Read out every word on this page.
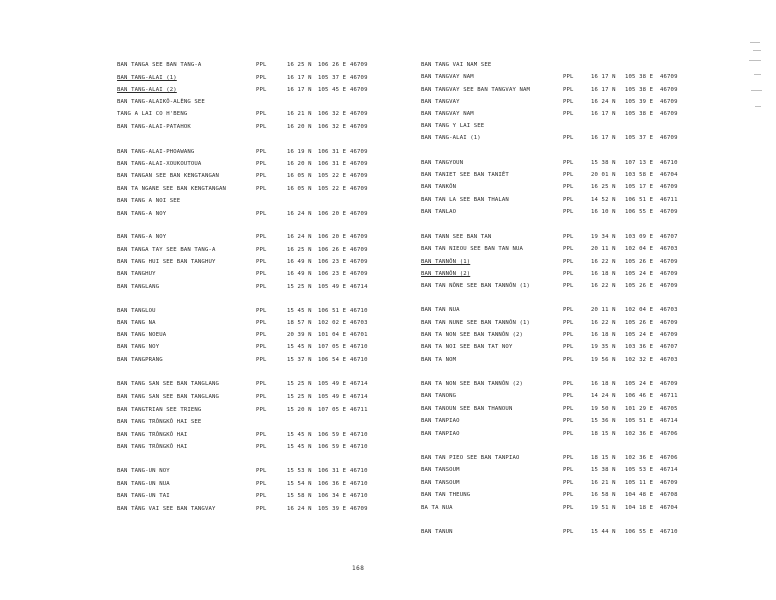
BAN TANGA SEE BAN TANG-A	PPL	16 25 N 106 26 E 46709
BAN TANG-ALAI (1)	PPL	16 17 N 105 37 E 46709
BAN TANG-ALAI (2)	PPL	16 17 N 105 45 E 46709
BAN TANG-ALAIKÔ-ALÈNG SEE
TANG A LAI CO H'BENG	PPL	16 21 N 106 32 E 46709
BAN TANG-ALAI-PATAHOK	PPL	16 20 N 106 32 E 46709
BAN TANG-ALAI-PHOAWANG	PPL	16 19 N 106 31 E 46709
BAN TANG-ALAI-XOUKOUTOUA	PPL	16 20 N 106 31 E 46709
BAN TANGAN SEE BAN KENGTANGAN	PPL	16 05 N 105 22 E 46709
BAN TA NGANE SEE BAN KENGTANGAN	PPL	16 05 N 105 22 E 46709
BAN TANG A NOI SEE
BAN TANG-A NOY	PPL	16 24 N 106 20 E 46709
BAN TANG-A NOY	PPL	16 24 N 106 20 E 46709
BAN TANGA TAY SEE BAN TANG-A	PPL	16 25 N 106 26 E 46709
BAN TANG HUI SEE BAN TANGHUY	PPL	16 49 N 106 23 E 46709
BAN TANGHUY	PPL	16 49 N 106 23 E 46709
BAN TANGLANG	PPL	15 25 N 105 49 E 46714
BAN TANGLOU	PPL	15 45 N 106 51 E 46710
BAN TANG NA	PPL	18 57 N 102 02 E 46703
BAN TANG NOEUA	PPL	20 39 N 101 04 E 46701
BAN TANG NOY	PPL	15 45 N 107 05 E 46710
BAN TANGPRANG	PPL	15 37 N 106 54 E 46710
BAN TANG SAN SEE BAN TANGLANG	PPL	15 25 N 105 49 E 46714
BAN TANG SAN SEE BAN TANGLANG	PPL	15 25 N 105 49 E 46714
BAN TANGTRIAN SEE TRIENG	PPL	15 20 N 107 05 E 46711
BAN TANG TRÔNGKÔ HAI SEE
BAN TANG TRÔNGKÔ HAI	PPL	15 45 N 106 59 E 46710
BAN TANG TRÔNGKÔ HAI	PPL	15 45 N 106 59 E 46710
BAN TANG-UN NOY	PPL	15 53 N 106 31 E 46710
BAN TANG-UN NUA	PPL	15 54 N 106 36 E 46710
BAN TANG-UN TAI	PPL	15 58 N 106 34 E 46710
BAN TÃNG VAI SEE BAN TANGVAY	PPL	16 24 N 105 39 E 46709
BAN TANG VAI NAM SEE
BAN TANGVAY NAM	PPL	16 17 N 105 38 E 46709
BAN TANGVAY SEE BAN TANGVAY NAM	PPL	16 17 N 105 38 E 46709
BAN TANGVAY	PPL	16 24 N 105 39 E 46709
BAN TANGVAY NAM	PPL	16 17 N 105 38 E 46709
BAN TANG Y LAI SEE
BAN TANG-ALAI (1)	PPL	16 17 N 105 37 E 46709
BAN TANGYOUN	PPL	15 38 N 107 13 E 46710
BAN TANIET SEE BAN TANIÊT	PPL	20 01 N 103 58 E 46704
BAN TANKÔN	PPL	16 25 N 105 17 E 46709
BAN TAN LA SEE BAN THALAN	PPL	14 52 N 106 51 E 46711
BAN TANLAO	PPL	16 10 N 106 55 E 46709
BAN TANN SEE BAN TAN	PPL	19 34 N 103 09 E 46707
BAN TAN NIEOU SEE BAN TAN NUA	PPL	20 11 N 102 04 E 46703
BAN TANNÔN (1)	PPL	16 22 N 105 26 E 46709
BAN TANNÔN (2)	PPL	16 18 N 105 24 E 46709
BAN TAN NÔNE SEE BAN TANNÔN (1)	PPL	16 22 N 105 26 E 46709
BAN TAN NUA	PPL	20 11 N 102 04 E 46703
BAN TAN NUNE SEE BAN TANNÔN (1)	PPL	16 22 N 105 26 E 46709
BAN TA NON SEE BAN TANNÔN (2)	PPL	16 18 N 105 24 E 46709
BAN TA NOI SEE BAN TAT NOY	PPL	19 35 N 103 36 E 46707
BAN TA NOM	PPL	19 56 N 102 32 E 46703
BAN TA NON SEE BAN TANNÔN (2)	PPL	16 18 N 105 24 E 46709
BAN TANONG	PPL	14 24 N 106 46 E 46711
BAN TANOUN SEE BAN THANOUN	PPL	19 50 N 101 29 E 46705
BAN TANPIAO	PPL	15 36 N 105 51 E 46714
BAN TANPIAO	PPL	18 15 N 102 36 E 46706
BAN TAN PIEO SEE BAN TANPIAO	PPL	18 15 N 102 36 E 46706
BAN TANSOUM	PPL	15 38 N 105 53 E 46714
BAN TANSOUM	PPL	16 21 N 105 11 E 46709
BAN TAN THEUNG	PPL	16 58 N 104 48 E 46708
BA TA NUA	PPL	19 51 N 104 18 E 46704
BAN TANUN	PPL	15 44 N 106 55 E 46710
168
